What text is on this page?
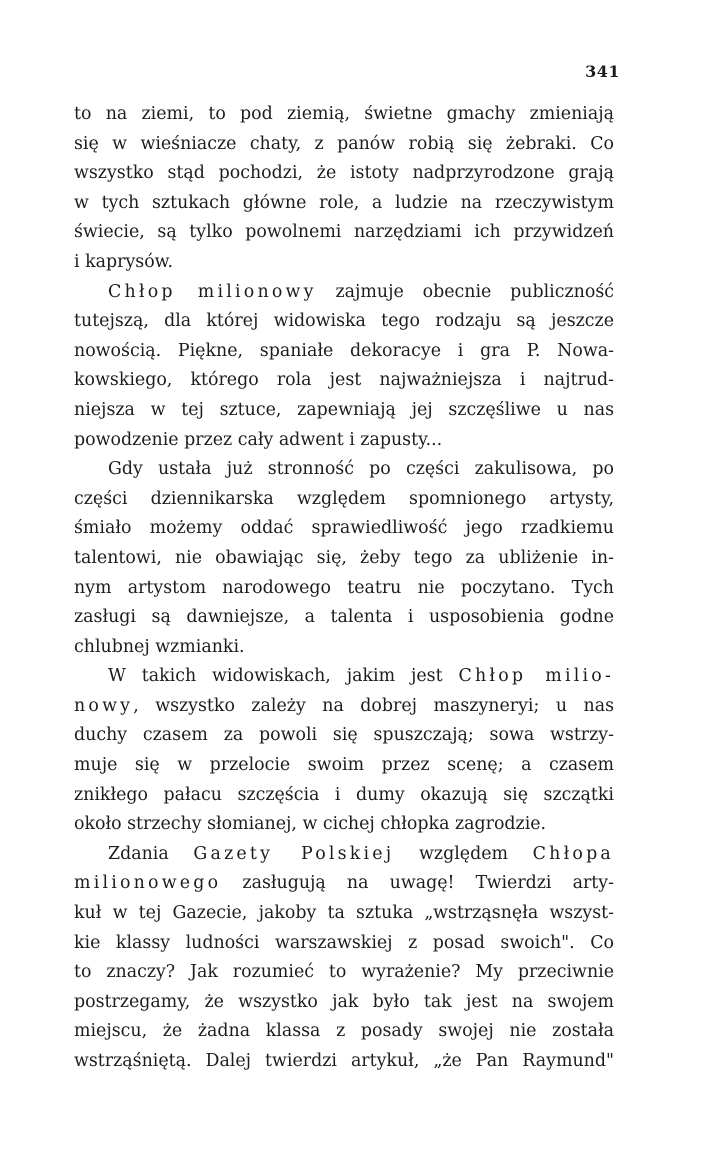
341
to na ziemi, to pod ziemią, świetne gmachy zmieniają
się w wieśniacze chaty, z panów robią się żebraki. Co
wszystko stąd pochodzi, że istoty nadprzyrodzone grają
w tych sztukach główne role, a ludzie na rzeczywistym
świecie, są tylko powolnemi narzędziami ich przywidzeń
i kaprysów.
Chłop milionowy zajmuje obecnie publiczność
tutejszą, dla której widowiska tego rodzaju są jeszcze
nowością. Piękne, spaniałe dekoracye i gra P. Nowa-
kowskiego, którego rola jest najważniejsza i najtrud-
niejsza w tej sztuce, zapewniają jej szczęśliwe u nas
powodzenie przez cały adwent i zapusty...
Gdy ustała już stronność po części zakulisowa, po
części dziennikarska względem spomnionego artysty,
śmiało możemy oddać sprawiedliwość jego rzadkiemu
talentowi, nie obawiając się, żeby tego za ubliżenie in-
nym artystom narodowego teatru nie poczytano. Tych
zasługi są dawniejsze, a talenta i usposobienia godne
chlubnej wzmianki.
W takich widowiskach, jakim jest Chłop milio-
nowy, wszystko zależy na dobrej maszyneryi; u nas
duchy czasem za powoli się spuszczają; sowa wstrzy-
muje się w przelocie swoim przez scenę; a czasem
znikłego pałacu szczęścia i dumy okazują się szczątki
około strzechy słomianej, w cichej chłopka zagrodzie.
Zdania Gazety Polskiej względem Chłopa
milionowego zasługują na uwagę! Twierdzi arty-
kuł w tej Gazecie, jakoby ta sztuka „wstrząsnęła wszyst-
kie klassy ludności warszawskiej z posad swoich". Co
to znaczy? Jak rozumieć to wyrażenie? My przeciwnie
postrzegamy, że wszystko jak było tak jest na swojem
miejscu, że żadna klassa z posady swojej nie została
wstrząśniętą. Dalej twierdzi artykuł, „że Pan Raymund"
